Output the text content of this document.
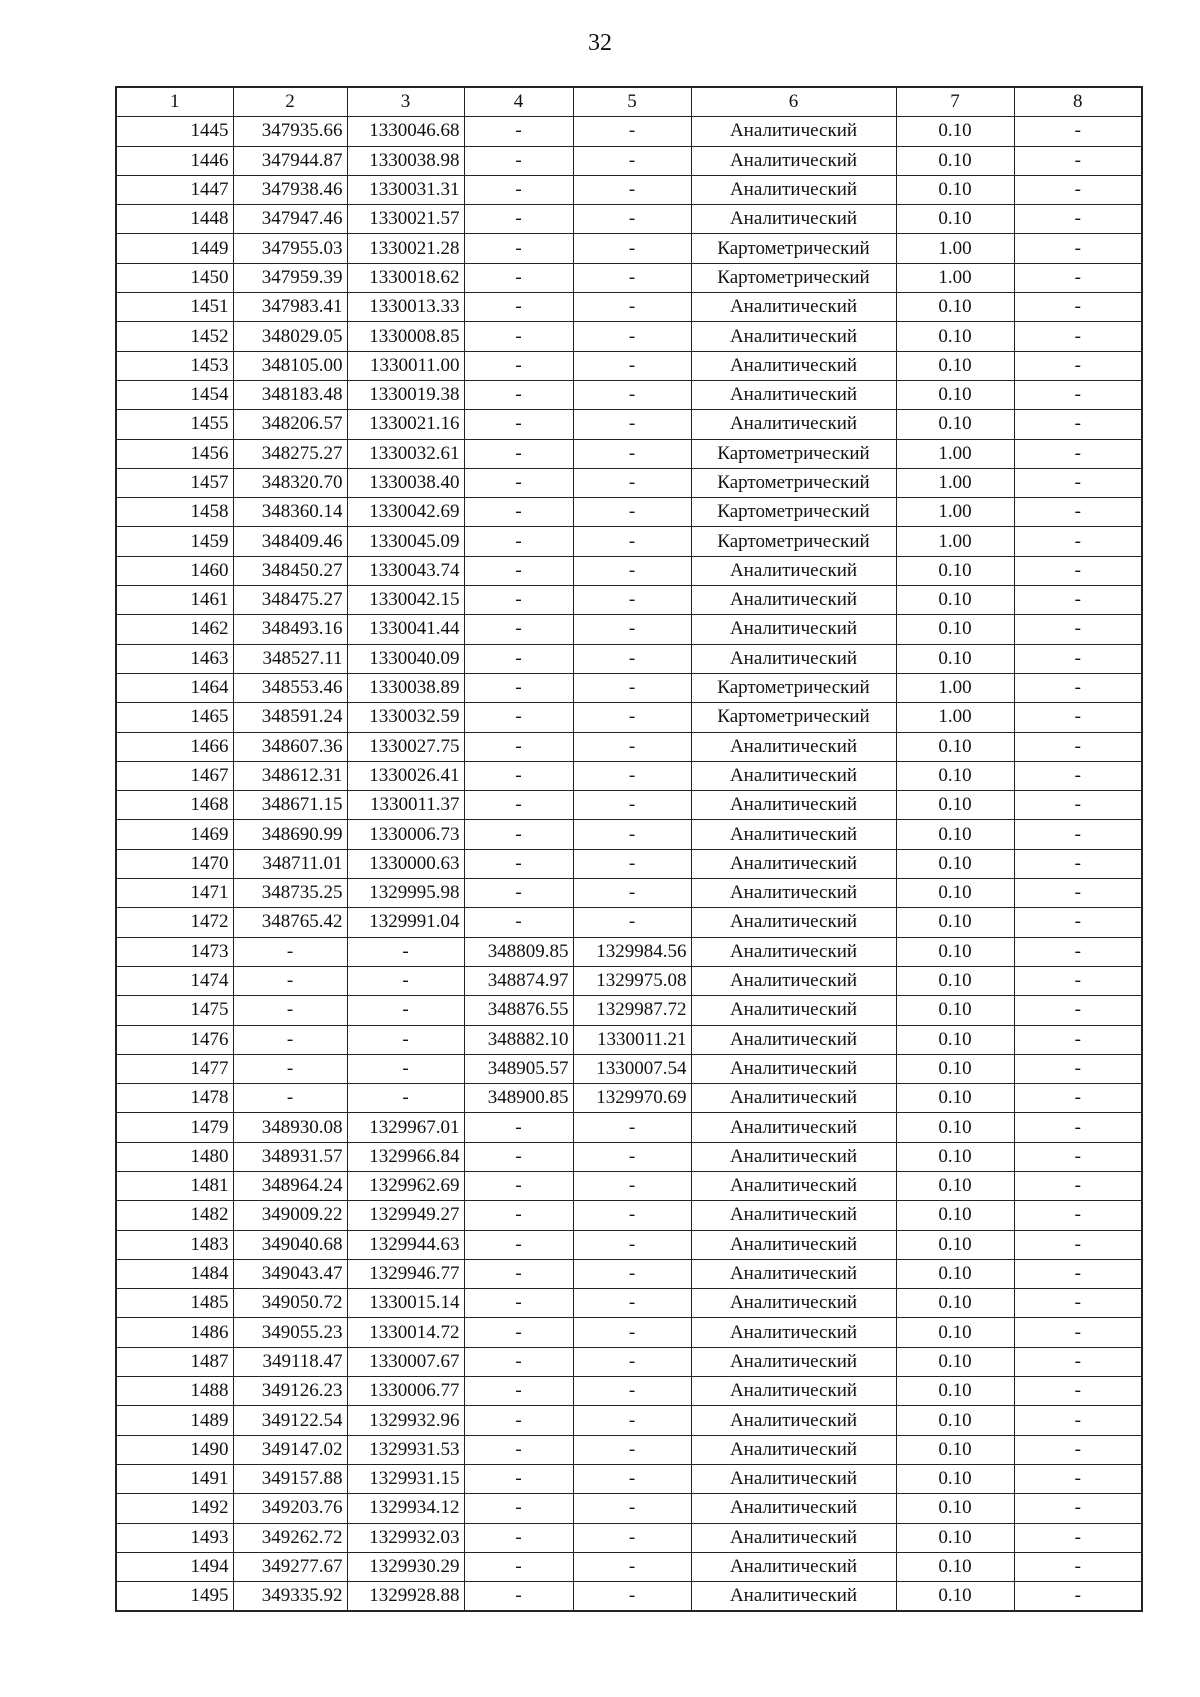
32
1	2	3	4	5	6	7	8
1445	347935.66	1330046.68	-	-	Аналитический	0.10	-
1446	347944.87	1330038.98	-	-	Аналитический	0.10	-
1447	347938.46	1330031.31	-	-	Аналитический	0.10	-
1448	347947.46	1330021.57	-	-	Аналитический	0.10	-
1449	347955.03	1330021.28	-	-	Картометрический	1.00	-
1450	347959.39	1330018.62	-	-	Картометрический	1.00	-
1451	347983.41	1330013.33	-	-	Аналитический	0.10	-
1452	348029.05	1330008.85	-	-	Аналитический	0.10	-
1453	348105.00	1330011.00	-	-	Аналитический	0.10	-
1454	348183.48	1330019.38	-	-	Аналитический	0.10	-
1455	348206.57	1330021.16	-	-	Аналитический	0.10	-
1456	348275.27	1330032.61	-	-	Картометрический	1.00	-
1457	348320.70	1330038.40	-	-	Картометрический	1.00	-
1458	348360.14	1330042.69	-	-	Картометрический	1.00	-
1459	348409.46	1330045.09	-	-	Картометрический	1.00	-
1460	348450.27	1330043.74	-	-	Аналитический	0.10	-
1461	348475.27	1330042.15	-	-	Аналитический	0.10	-
1462	348493.16	1330041.44	-	-	Аналитический	0.10	-
1463	348527.11	1330040.09	-	-	Аналитический	0.10	-
1464	348553.46	1330038.89	-	-	Картометрический	1.00	-
1465	348591.24	1330032.59	-	-	Картометрический	1.00	-
1466	348607.36	1330027.75	-	-	Аналитический	0.10	-
1467	348612.31	1330026.41	-	-	Аналитический	0.10	-
1468	348671.15	1330011.37	-	-	Аналитический	0.10	-
1469	348690.99	1330006.73	-	-	Аналитический	0.10	-
1470	348711.01	1330000.63	-	-	Аналитический	0.10	-
1471	348735.25	1329995.98	-	-	Аналитический	0.10	-
1472	348765.42	1329991.04	-	-	Аналитический	0.10	-
1473	-	-	348809.85	1329984.56	Аналитический	0.10	-
1474	-	-	348874.97	1329975.08	Аналитический	0.10	-
1475	-	-	348876.55	1329987.72	Аналитический	0.10	-
1476	-	-	348882.10	1330011.21	Аналитический	0.10	-
1477	-	-	348905.57	1330007.54	Аналитический	0.10	-
1478	-	-	348900.85	1329970.69	Аналитический	0.10	-
1479	348930.08	1329967.01	-	-	Аналитический	0.10	-
1480	348931.57	1329966.84	-	-	Аналитический	0.10	-
1481	348964.24	1329962.69	-	-	Аналитический	0.10	-
1482	349009.22	1329949.27	-	-	Аналитический	0.10	-
1483	349040.68	1329944.63	-	-	Аналитический	0.10	-
1484	349043.47	1329946.77	-	-	Аналитический	0.10	-
1485	349050.72	1330015.14	-	-	Аналитический	0.10	-
1486	349055.23	1330014.72	-	-	Аналитический	0.10	-
1487	349118.47	1330007.67	-	-	Аналитический	0.10	-
1488	349126.23	1330006.77	-	-	Аналитический	0.10	-
1489	349122.54	1329932.96	-	-	Аналитический	0.10	-
1490	349147.02	1329931.53	-	-	Аналитический	0.10	-
1491	349157.88	1329931.15	-	-	Аналитический	0.10	-
1492	349203.76	1329934.12	-	-	Аналитический	0.10	-
1493	349262.72	1329932.03	-	-	Аналитический	0.10	-
1494	349277.67	1329930.29	-	-	Аналитический	0.10	-
1495	349335.92	1329928.88	-	-	Аналитический	0.10	-
